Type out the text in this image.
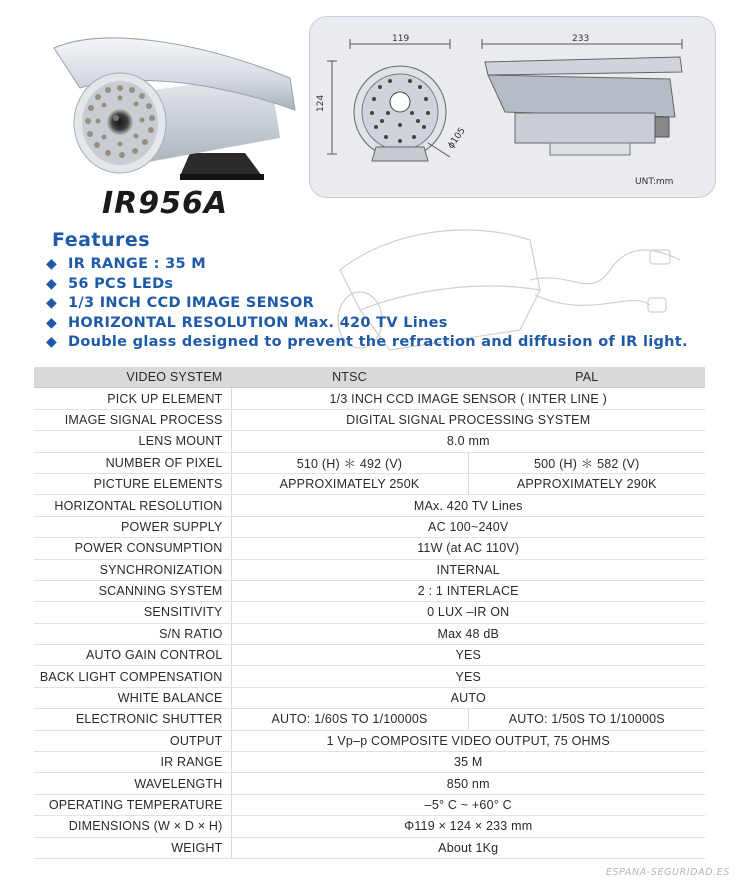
IR956A
119
124
ϕ105
233
UNT:mm
Features
◆ IR RANGE : 35 M
◆ 56 PCS LEDs
◆ 1/3 INCH CCD IMAGE SENSOR
◆ HORIZONTAL RESOLUTION Max. 420 TV Lines
◆ Double glass designed to prevent the refraction and diffusion of IR light.
VIDEO SYSTEM	NTSC	PAL
PICK UP ELEMENT	1/3 INCH CCD IMAGE SENSOR ( INTER LINE )	
IMAGE SIGNAL PROCESS	DIGITAL SIGNAL PROCESSING SYSTEM	
LENS MOUNT	8.0 mm	
NUMBER OF PIXEL	510 (H) ＊ 492 (V)	500 (H) ＊ 582 (V)
PICTURE ELEMENTS	APPROXIMATELY 250K	APPROXIMATELY 290K
HORIZONTAL RESOLUTION	MAx. 420 TV Lines	
POWER SUPPLY	AC 100~240V	
POWER CONSUMPTION	11W (at AC 110V)	
SYNCHRONIZATION	INTERNAL	
SCANNING SYSTEM	2 : 1 INTERLACE	
SENSITIVITY	0 LUX –IR ON	
S/N RATIO	Max 48 dB	
AUTO GAIN CONTROL	YES	
BACK LIGHT COMPENSATION	YES	
WHITE BALANCE	AUTO	
ELECTRONIC SHUTTER	AUTO: 1/60S TO 1/10000S	AUTO: 1/50S TO 1/10000S
OUTPUT	1 Vp–p COMPOSITE VIDEO OUTPUT, 75 OHMS	
IR RANGE	35 M	
WAVELENGTH	850 nm	
OPERATING TEMPERATURE	–5° C ~ +60° C	
DIMENSIONS (W × D × H)	Φ119 × 124 × 233 mm	
WEIGHT	About 1Kg	
ESPANA-SEGURIDAD.ES
